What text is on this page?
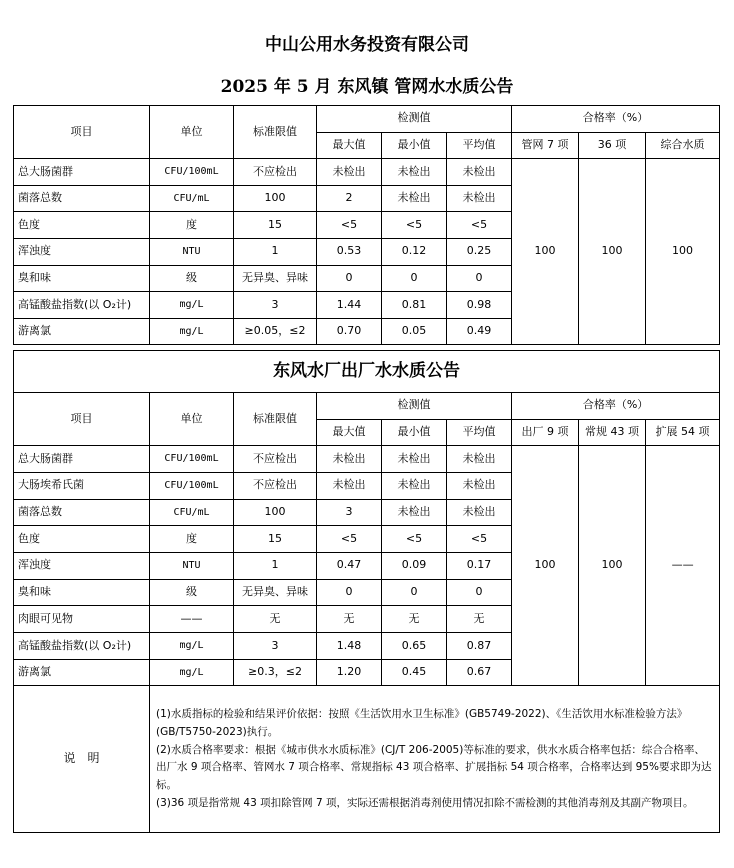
中山公用水务投资有限公司
2025 年 5 月 东风镇 管网水水质公告
项目	单位	标准限值	检测值			合格率（%）		
			最大值	最小值	平均值	管网 7 项	36 项	综合水质
总大肠菌群	CFU/100mL	不应检出	未检出	未检出	未检出	100	100	100
菌落总数	CFU/mL	100	2	未检出	未检出			
色度	度	15	<5	<5	<5			
浑浊度	NTU	1	0.53	0.12	0.25			
臭和味	级	无异臭、异味	0	0	0			
高锰酸盐指数(以 O₂计)	mg/L	3	1.44	0.81	0.98			
游离氯	mg/L	≥0.05，≤2	0.70	0.05	0.49			
东风水厂出厂水水质公告								
项目	单位	标准限值	检测值			合格率（%）		
			最大值	最小值	平均值	出厂 9 项	常规 43 项	扩展 54 项
总大肠菌群	CFU/100mL	不应检出	未检出	未检出	未检出	100	100	——
大肠埃希氏菌	CFU/100mL	不应检出	未检出	未检出	未检出			
菌落总数	CFU/mL	100	3	未检出	未检出			
色度	度	15	<5	<5	<5			
浑浊度	NTU	1	0.47	0.09	0.17			
臭和味	级	无异臭、异味	0	0	0			
肉眼可见物	——	无	无	无	无			
高锰酸盐指数(以 O₂计)	mg/L	3	1.48	0.65	0.87			
游离氯	mg/L	≥0.3，≤2	1.20	0.45	0.67			
说　明	(1)水质指标的检验和结果评价依据：按照《生活饮用水卫生标准》(GB5749-2022)、《生活饮用水标准检验方法》(GB/T5750-2023)执行。

(2)水质合格率要求：根据《城市供水水质标准》(CJ/T 206-2005)等标准的要求，供水水质合格率包括：综合合格率、出厂水 9 项合格率、管网水 7 项合格率、常规指标 43 项合格率、扩展指标 54 项合格率，合格率达到 95%要求即为达标。

(3)36 项是指常规 43 项扣除管网 7 项，实际还需根据消毒剂使用情况扣除不需检测的其他消毒剂及其副产物项目。							
